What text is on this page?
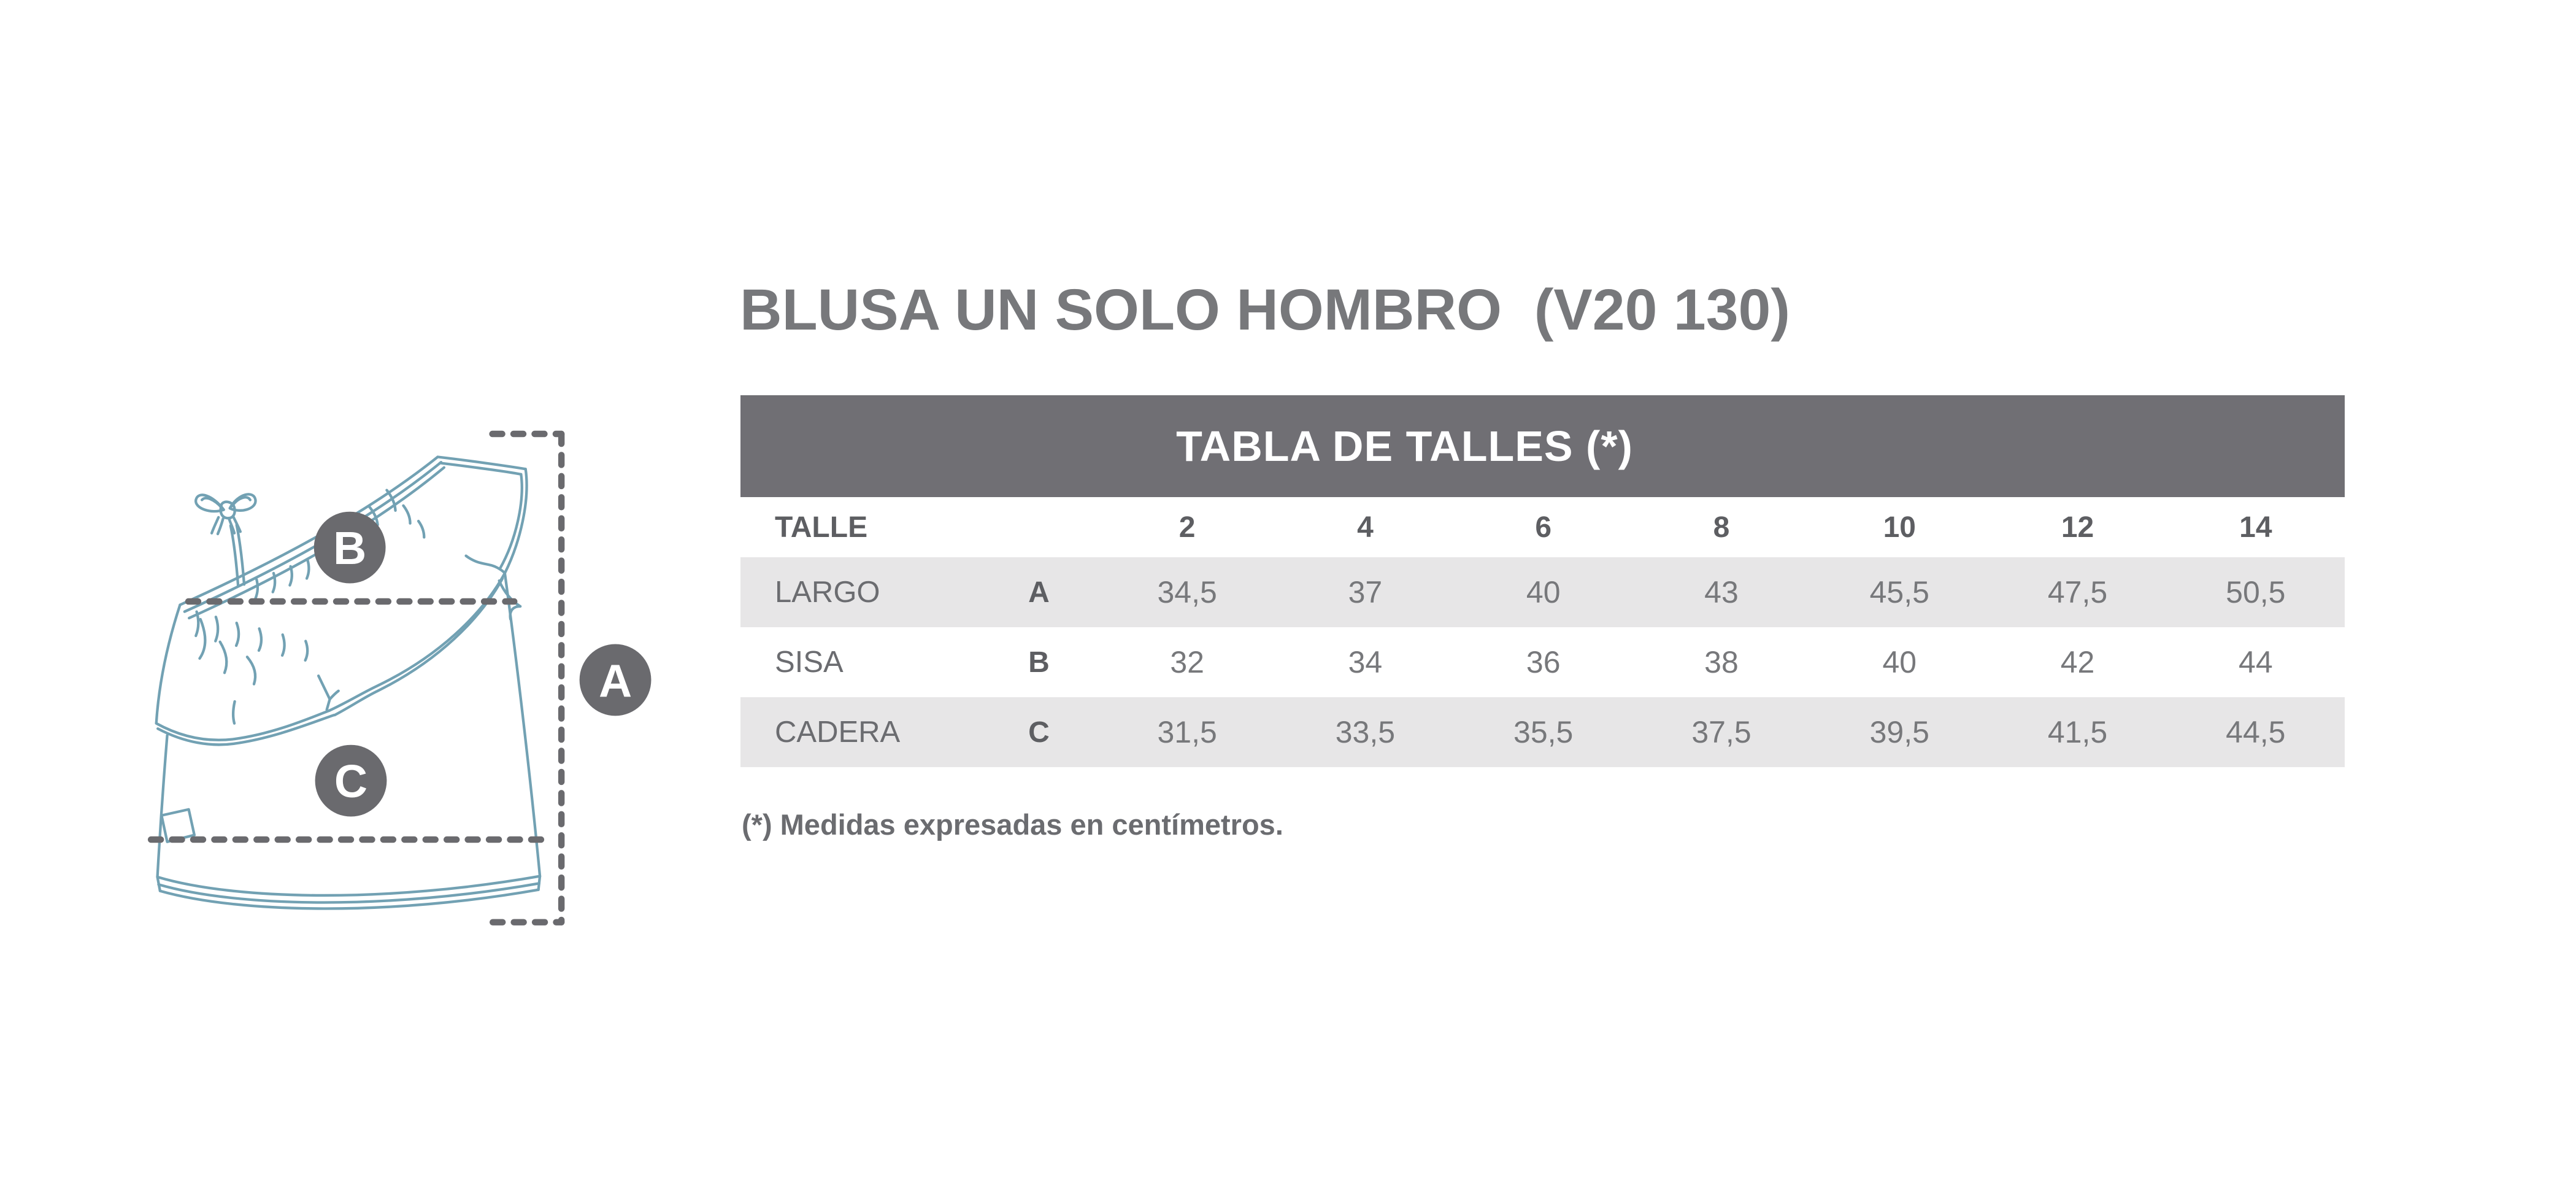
BLUSA UN SOLO HOMBRO  (V20 130)
A
B
C
TABLA DE TALLES (*)
TALLE		2	4	6	8	10	12	14
LARGO	A	34,5	37	40	43	45,5	47,5	50,5
SISA	B	32	34	36	38	40	42	44
CADERA	C	31,5	33,5	35,5	37,5	39,5	41,5	44,5
(*) Medidas expresadas en centímetros.
